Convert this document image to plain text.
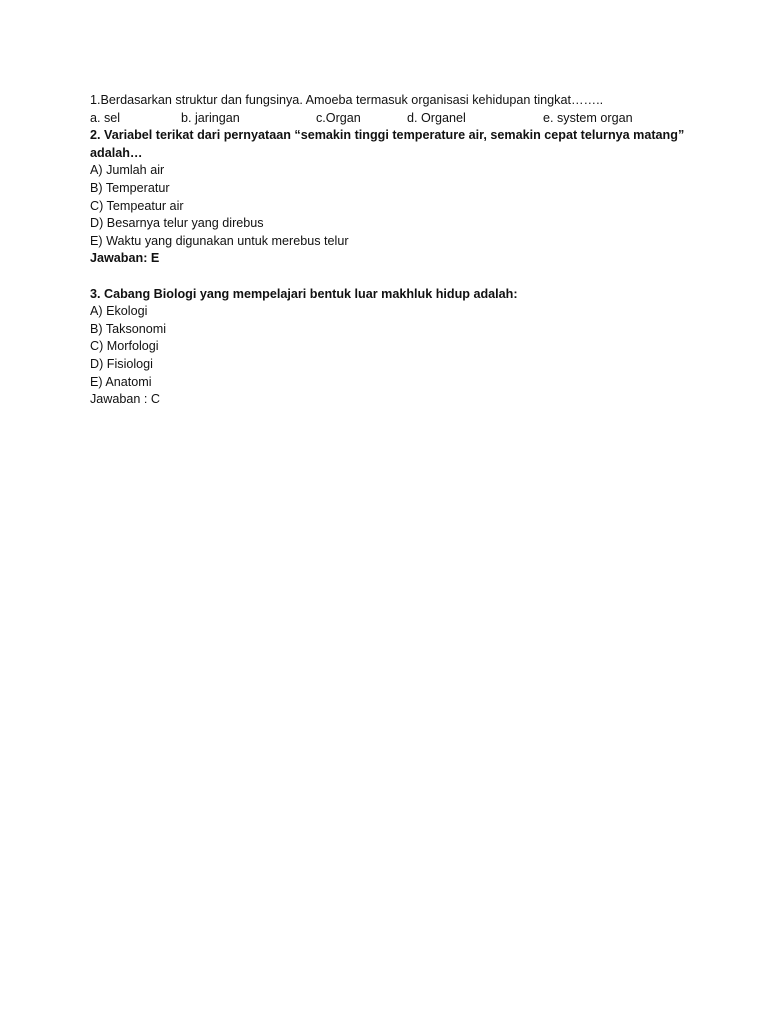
1.Berdasarkan struktur dan fungsinya. Amoeba termasuk organisasi kehidupan tingkat……..
a. sel	b. jaringan	c.Organ	d. Organel	e. system organ
2. Variabel terikat dari pernyataan “semakin tinggi temperature air, semakin cepat telurnya matang”
adalah…
A) Jumlah air
B) Temperatur
C) Tempeatur air
D) Besarnya telur yang direbus
E) Waktu yang digunakan untuk merebus telur
Jawaban: E
3. Cabang Biologi yang mempelajari bentuk luar makhluk hidup adalah:
A) Ekologi
B) Taksonomi
C) Morfologi
D) Fisiologi
E) Anatomi
Jawaban : C
